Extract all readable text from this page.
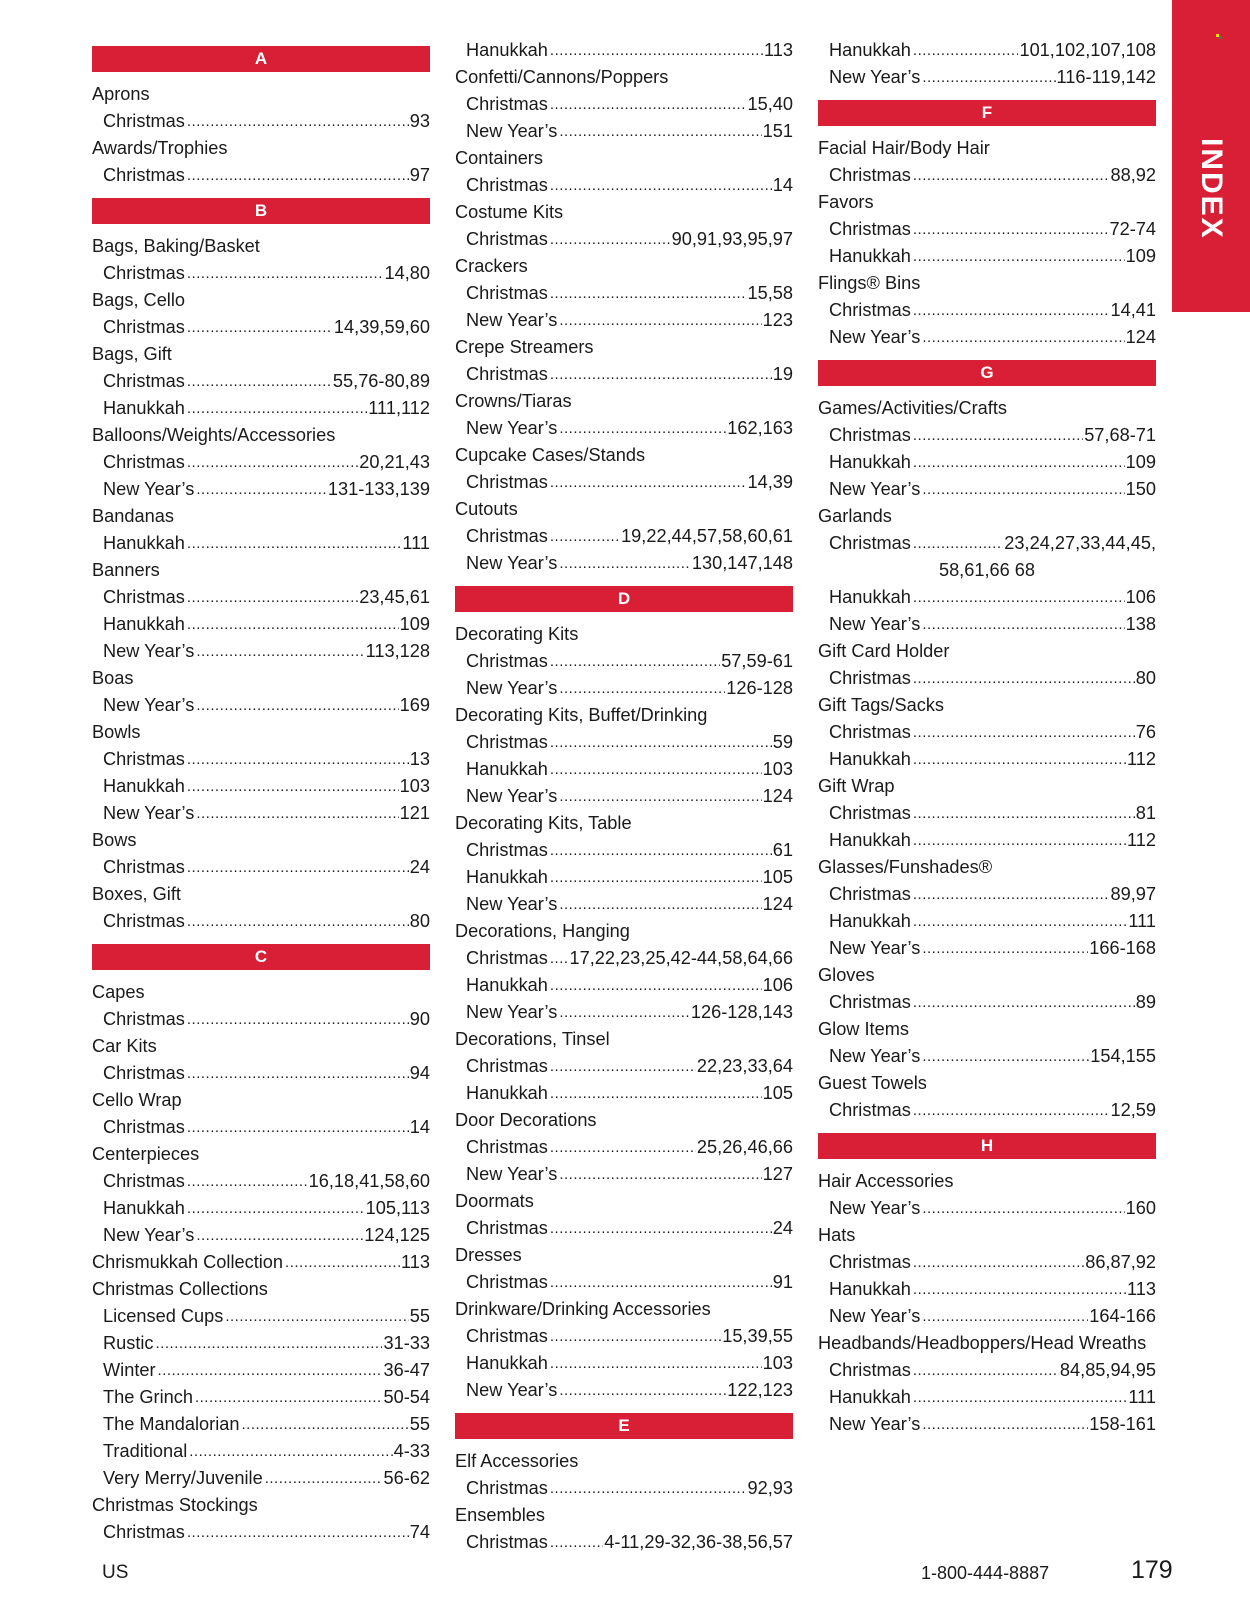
INDEX
A
Aprons
Christmas .....	93
Awards/Trophies
Christmas .....	97
B
Bags, Baking/Basket
Christmas .....	14,80
Bags, Cello
Christmas .....	14,39,59,60
Bags, Gift
Christmas .....	55,76-80,89
Hanukkah .....	111,112
Balloons/Weights/Accessories
Christmas .....	20,21,43
New Year’s .....	131-133,139
Bandanas
Hanukkah .....	111
Banners
Christmas .....	23,45,61
Hanukkah .....	109
New Year’s .....	113,128
Boas
New Year’s .....	169
Bowls
Christmas .....	13
Hanukkah .....	103
New Year’s .....	121
Bows
Christmas .....	24
Boxes, Gift
Christmas .....	80
C
Capes
Christmas .....	90
Car Kits
Christmas .....	94
Cello Wrap
Christmas .....	14
Centerpieces
Christmas .....	16,18,41,58,60
Hanukkah .....	105,113
New Year’s .....	124,125
Chrismukkah Collection .....	113
Christmas Collections
Licensed Cups .....	55
Rustic .....	31-33
Winter .....	36-47
The Grinch .....	50-54
The Mandalorian .....	55
Traditional .....	4-33
Very Merry/Juvenile .....	56-62
Christmas Stockings
Christmas .....	74
Hanukkah .....	113
Confetti/Cannons/Poppers
Christmas .....	15,40
New Year’s .....	151
Containers
Christmas .....	14
Costume Kits
Christmas .....	90,91,93,95,97
Crackers
Christmas .....	15,58
New Year’s .....	123
Crepe Streamers
Christmas .....	19
Crowns/Tiaras
New Year’s .....	162,163
Cupcake Cases/Stands
Christmas .....	14,39
Cutouts
Christmas .....	19,22,44,57,58,60,61
New Year’s .....	130,147,148
D
Decorating Kits
Christmas .....	57,59-61
New Year’s .....	126-128
Decorating Kits, Buffet/Drinking
Christmas .....	59
Hanukkah .....	103
New Year’s .....	124
Decorating Kits, Table
Christmas .....	61
Hanukkah .....	105
New Year’s .....	124
Decorations, Hanging
Christmas ..... 17,22,23,25,42-44,58,64,66
Hanukkah .....	106
New Year’s .....	126-128,143
Decorations, Tinsel
Christmas .....	22,23,33,64
Hanukkah .....	105
Door Decorations
Christmas .....	25,26,46,66
New Year’s .....	127
Doormats
Christmas .....	24
Dresses
Christmas .....	91
Drinkware/Drinking Accessories
Christmas .....	15,39,55
Hanukkah .....	103
New Year’s .....	122,123
E
Elf Accessories
Christmas .....	92,93
Ensembles
Christmas .....	4-11,29-32,36-38,56,57
Hanukkah .....	101,102,107,108
New Year’s .....	116-119,142
F
Facial Hair/Body Hair
Christmas .....	88,92
Favors
Christmas .....	72-74
Hanukkah .....	109
Flings® Bins
Christmas .....	14,41
New Year’s .....	124
G
Games/Activities/Crafts
Christmas .....	57,68-71
Hanukkah .....	109
New Year’s .....	150
Garlands
Christmas .....	23,24,27,33,44,45,
58,61,66 68
Hanukkah .....	106
New Year’s .....	138
Gift Card Holder
Christmas .....	80
Gift Tags/Sacks
Christmas .....	76
Hanukkah .....	112
Gift Wrap
Christmas .....	81
Hanukkah .....	112
Glasses/Funshades®
Christmas .....	89,97
Hanukkah .....	111
New Year’s .....	166-168
Gloves
Christmas .....	89
Glow Items
New Year’s .....	154,155
Guest Towels
Christmas .....	12,59
H
Hair Accessories
New Year’s .....	160
Hats
Christmas .....	86,87,92
Hanukkah .....	113
New Year’s .....	164-166
Headbands/Headboppers/Head Wreaths
Christmas .....	84,85,94,95
Hanukkah .....	111
New Year’s .....	158-161
US	1-800-444-8887	179
